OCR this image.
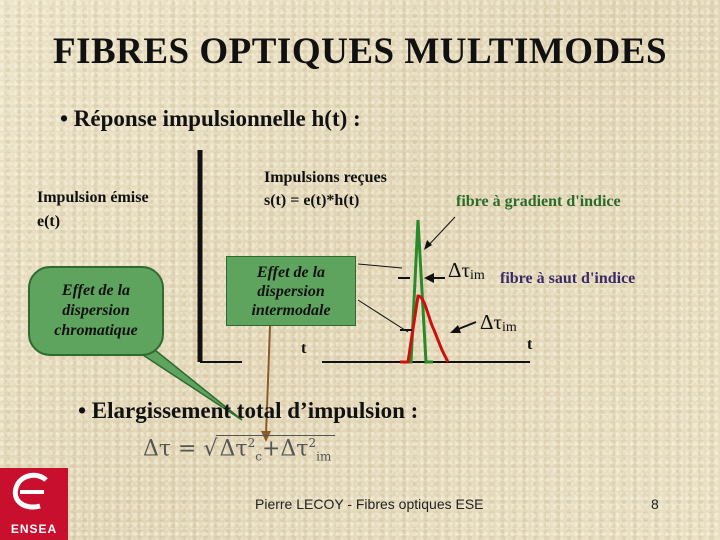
FIBRES OPTIQUES MULTIMODES
• Réponse impulsionnelle h(t) :
Impulsion émise
e(t)
Impulsions reçues
s(t) = e(t)*h(t)	fibre à gradient d'indice
fibre à saut d'indice
Effet de la
dispersion
chromatique
Effet de la
dispersion
intermodale
t	t
$\Delta\tau_{im}$
$\Delta\tau_{im}$
• Elargissement total d’impulsion :
$\Delta\tau = √\Delta\tau^2_c+\Delta\tau^2_{im}$
ENSEA
Pierre LECOY - Fibres optiques ESE	8
